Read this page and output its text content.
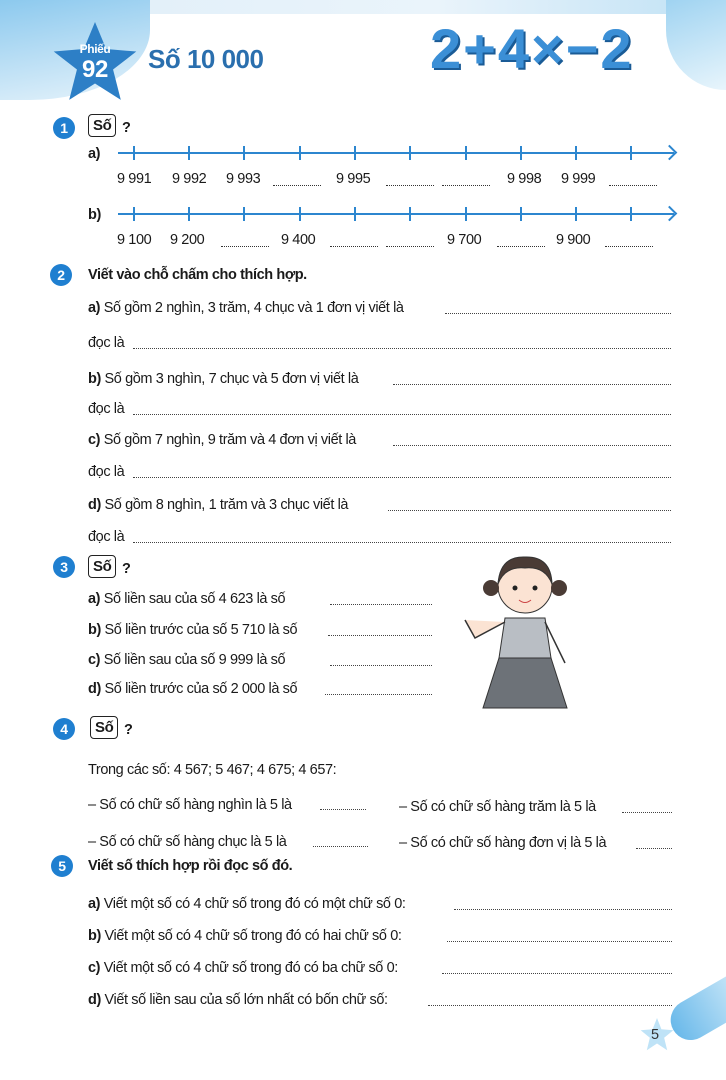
Phiếu
92	Số 10 000	2+4×−2
1	Số ?
a)
9 991 9 992 9 993	9 995	9 998 9 999
b)
9 100 9 200	9 400	9 700	9 900
2	Viết vào chỗ chấm cho thích hợp.
a) Số gồm 2 nghìn, 3 trăm, 4 chục và 1 đơn vị viết là
đọc là
b) Số gồm 3 nghìn, 7 chục và 5 đơn vị viết là
đọc là
c) Số gồm 7 nghìn, 9 trăm và 4 đơn vị viết là
đọc là
d) Số gồm 8 nghìn, 1 trăm và 3 chục viết là
đọc là
3	Số ?
a) Số liền sau của số 4 623 là số
b) Số liền trước của số 5 710 là số
c) Số liền sau của số 9 999 là số
d) Số liền trước của số 2 000 là số
4	Số ?
Trong các số: 4 567; 5 467; 4 675; 4 657:
– Số có chữ số hàng nghìn là 5 là	– Số có chữ số hàng trăm là 5 là
– Số có chữ số hàng chục là 5 là	– Số có chữ số hàng đơn vị là 5 là
5	Viết số thích hợp rồi đọc số đó.
a) Viết một số có 4 chữ số trong đó có một chữ số 0:
b) Viết một số có 4 chữ số trong đó có hai chữ số 0:
c) Viết một số có 4 chữ số trong đó có ba chữ số 0:
d) Viết số liền sau của số lớn nhất có bốn chữ số:
5
